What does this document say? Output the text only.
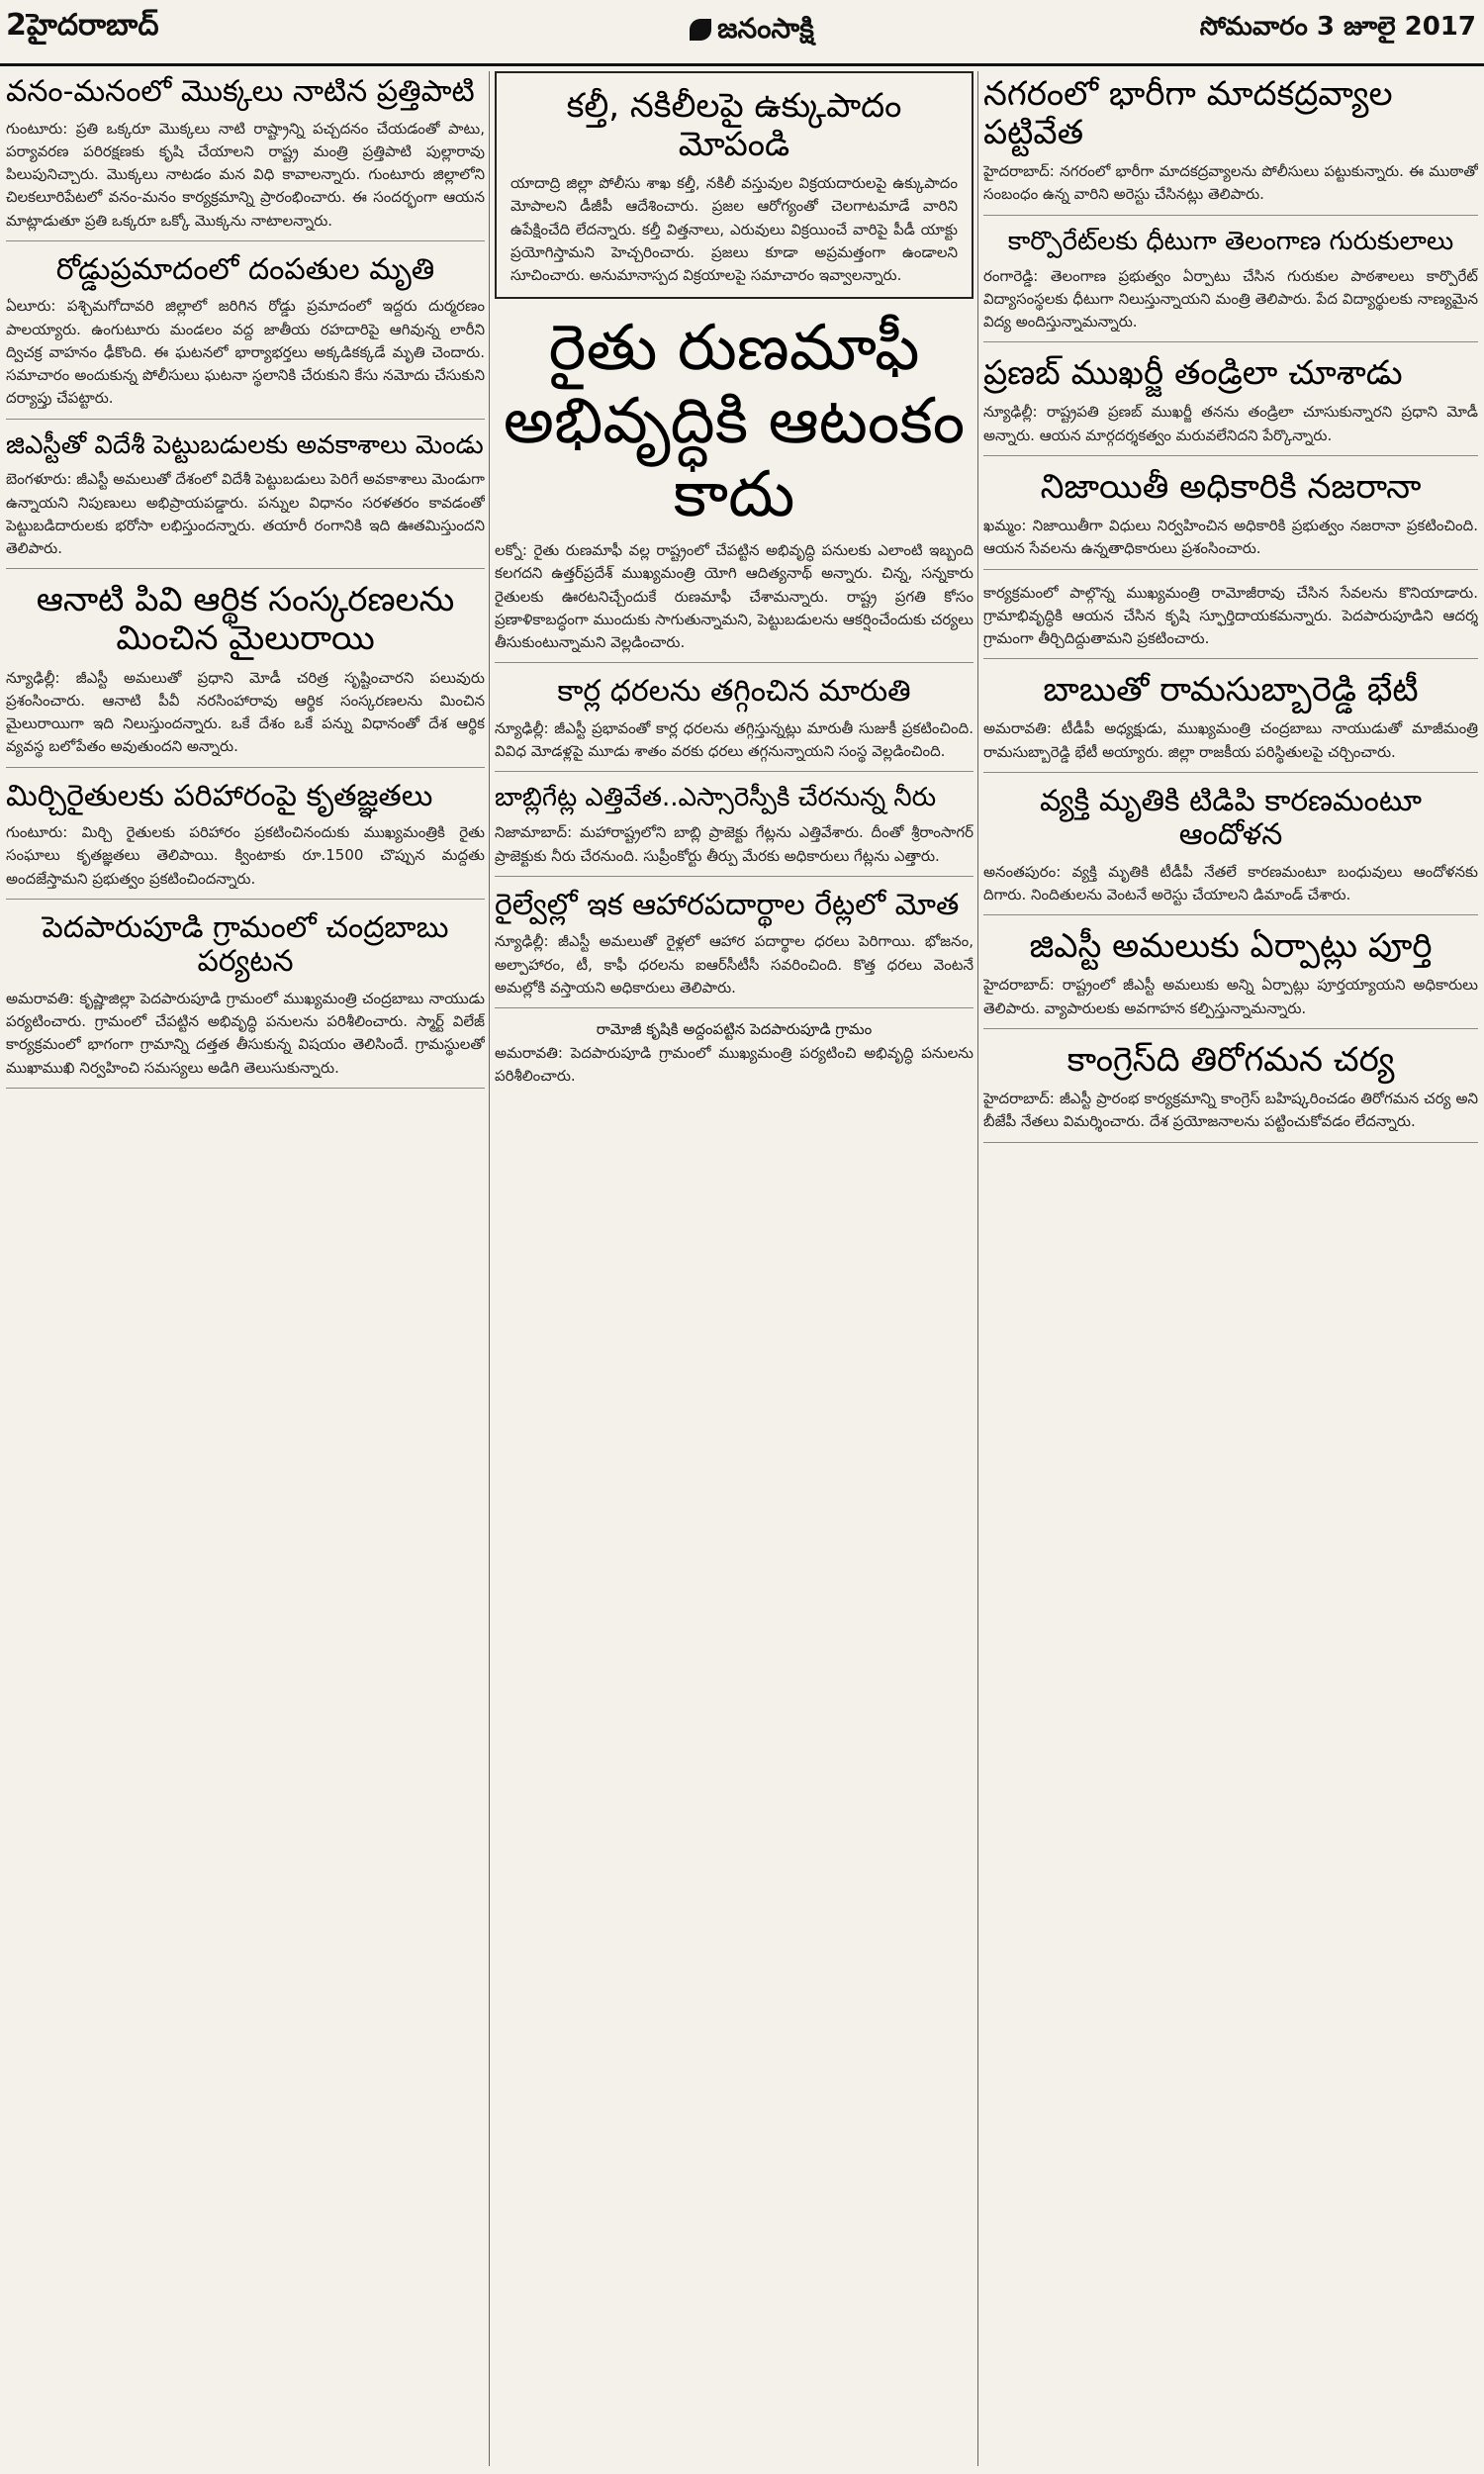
2హైదరాబాద్	జనంసాక్షి	సోమవారం 3 జూలై 2017
వనం-మనంలో మొక్కలు నాటిన ప్రత్తిపాటి

గుంటూరు: ప్రతి ఒక్కరూ మొక్కలు నాటి రాష్ట్రాన్ని పచ్చదనం చేయడంతో పాటు, పర్యావరణ పరిరక్షణకు కృషి చేయాలని రాష్ట్ర మంత్రి ప్రత్తిపాటి పుల్లారావు పిలుపునిచ్చారు. మొక్కలు నాటడం మన విధి కావాలన్నారు. గుంటూరు జిల్లాలోని చిలకలూరిపేటలో వనం-మనం కార్యక్రమాన్ని ప్రారంభించారు. ఈ సందర్భంగా ఆయన మాట్లాడుతూ ప్రతి ఒక్కరూ ఒక్కో మొక్కను నాటాలన్నారు.

రోడ్డుప్రమాదంలో దంపతుల మృతి

ఏలూరు: పశ్చిమగోదావరి జిల్లాలో జరిగిన రోడ్డు ప్రమాదంలో ఇద్దరు దుర్మరణం పాలయ్యారు. ఉంగుటూరు మండలం వద్ద జాతీయ రహదారిపై ఆగివున్న లారీని ద్విచక్ర వాహనం ఢీకొంది. ఈ ఘటనలో భార్యాభర్తలు అక్కడికక్కడే మృతి చెందారు. సమాచారం అందుకున్న పోలీసులు ఘటనా స్థలానికి చేరుకుని కేసు నమోదు చేసుకుని దర్యాప్తు చేపట్టారు.

జిఎస్టీతో విదేశీ పెట్టుబడులకు అవకాశాలు మెండు

బెంగళూరు: జీఎస్టీ అమలుతో దేశంలో విదేశీ పెట్టుబడులు పెరిగే అవకాశాలు మెండుగా ఉన్నాయని నిపుణులు అభిప్రాయపడ్డారు. పన్నుల విధానం సరళతరం కావడంతో పెట్టుబడిదారులకు భరోసా లభిస్తుందన్నారు. తయారీ రంగానికి ఇది ఊతమిస్తుందని తెలిపారు.

ఆనాటి పివి ఆర్థిక సంస్కరణలను మించిన మైలురాయి

న్యూఢిల్లీ: జీఎస్టీ అమలుతో ప్రధాని మోడీ చరిత్ర సృష్టించారని పలువురు ప్రశంసించారు. ఆనాటి పీవీ నరసింహారావు ఆర్థిక సంస్కరణలను మించిన మైలురాయిగా ఇది నిలుస్తుందన్నారు. ఒకే దేశం ఒకే పన్ను విధానంతో దేశ ఆర్థిక వ్యవస్థ బలోపేతం అవుతుందని అన్నారు.

మిర్చిరైతులకు పరిహారంపై కృతజ్ఞతలు

గుంటూరు: మిర్చి రైతులకు పరిహారం ప్రకటించినందుకు ముఖ్యమంత్రికి రైతు సంఘాలు కృతజ్ఞతలు తెలిపాయి. క్వింటాకు రూ.1500 చొప్పున మద్దతు అందజేస్తామని ప్రభుత్వం ప్రకటించిందన్నారు.

పెదపారుపూడి గ్రామంలో చంద్రబాబు పర్యటన

అమరావతి: కృష్ణాజిల్లా పెదపారుపూడి గ్రామంలో ముఖ్యమంత్రి చంద్రబాబు నాయుడు పర్యటించారు. గ్రామంలో చేపట్టిన అభివృద్ధి పనులను పరిశీలించారు. స్మార్ట్ విలేజ్ కార్యక్రమంలో భాగంగా గ్రామాన్ని దత్తత తీసుకున్న విషయం తెలిసిందే. గ్రామస్థులతో ముఖాముఖి నిర్వహించి సమస్యలు అడిగి తెలుసుకున్నారు.

కల్తీ, నకిలీలపై ఉక్కుపాదం మోపండి

యాదాద్రి జిల్లా పోలీసు శాఖ కల్తీ, నకిలీ వస్తువుల విక్రయదారులపై ఉక్కుపాదం మోపాలని డీజీపీ ఆదేశించారు. ప్రజల ఆరోగ్యంతో చెలగాటమాడే వారిని ఉపేక్షించేది లేదన్నారు. కల్తీ విత్తనాలు, ఎరువులు విక్రయించే వారిపై పీడీ యాక్టు ప్రయోగిస్తామని హెచ్చరించారు. ప్రజలు కూడా అప్రమత్తంగా ఉండాలని సూచించారు. అనుమానాస్పద విక్రయాలపై సమాచారం ఇవ్వాలన్నారు.

రైతు రుణమాఫీ అభివృద్ధికి ఆటంకం కాదు

లక్నో: రైతు రుణమాఫీ వల్ల రాష్ట్రంలో చేపట్టిన అభివృద్ధి పనులకు ఎలాంటి ఇబ్బంది కలగదని ఉత్తర్‌ప్రదేశ్ ముఖ్యమంత్రి యోగి ఆదిత్యనాథ్ అన్నారు. చిన్న, సన్నకారు రైతులకు ఊరటనిచ్చేందుకే రుణమాఫీ చేశామన్నారు. రాష్ట్ర ప్రగతి కోసం ప్రణాళికాబద్ధంగా ముందుకు సాగుతున్నామని, పెట్టుబడులను ఆకర్షించేందుకు చర్యలు తీసుకుంటున్నామని వెల్లడించారు.

కార్ల ధరలను తగ్గించిన మారుతి

న్యూఢిల్లీ: జీఎస్టీ ప్రభావంతో కార్ల ధరలను తగ్గిస్తున్నట్లు మారుతీ సుజుకీ ప్రకటించింది. వివిధ మోడళ్లపై మూడు శాతం వరకు ధరలు తగ్గనున్నాయని సంస్థ వెల్లడించింది.

బాబ్లిగేట్ల ఎత్తివేత..ఎస్సారెస్పీకి చేరనున్న నీరు

నిజామాబాద్: మహారాష్ట్రలోని బాబ్లి ప్రాజెక్టు గేట్లను ఎత్తివేశారు. దీంతో శ్రీరాంసాగర్ ప్రాజెక్టుకు నీరు చేరనుంది. సుప్రీంకోర్టు తీర్పు మేరకు అధికారులు గేట్లను ఎత్తారు.

రైల్వేల్లో ఇక ఆహారపదార్థాల రేట్లలో మోత

న్యూఢిల్లీ: జీఎస్టీ అమలుతో రైళ్లలో ఆహార పదార్థాల ధరలు పెరిగాయి. భోజనం, అల్పాహారం, టీ, కాఫీ ధరలను ఐఆర్‌సీటీసీ సవరించింది. కొత్త ధరలు వెంటనే అమల్లోకి వస్తాయని అధికారులు తెలిపారు.

రామోజీ కృషికి అద్దంపట్టిన పెదపారుపూడి గ్రామం

అమరావతి: పెదపారుపూడి గ్రామంలో ముఖ్యమంత్రి పర్యటించి అభివృద్ధి పనులను పరిశీలించారు.

నగరంలో భారీగా మాదకద్రవ్యాల పట్టివేత

హైదరాబాద్: నగరంలో భారీగా మాదకద్రవ్యాలను పోలీసులు పట్టుకున్నారు. ఈ ముఠాతో సంబంధం ఉన్న వారిని అరెస్టు చేసినట్లు తెలిపారు.

కార్పొరేట్‌లకు ధీటుగా తెలంగాణ గురుకులాలు

రంగారెడ్డి: తెలంగాణ ప్రభుత్వం ఏర్పాటు చేసిన గురుకుల పాఠశాలలు కార్పొరేట్ విద్యాసంస్థలకు ధీటుగా నిలుస్తున్నాయని మంత్రి తెలిపారు. పేద విద్యార్థులకు నాణ్యమైన విద్య అందిస్తున్నామన్నారు.

ప్రణబ్ ముఖర్జీ తండ్రిలా చూశాడు

న్యూఢిల్లీ: రాష్ట్రపతి ప్రణబ్ ముఖర్జీ తనను తండ్రిలా చూసుకున్నారని ప్రధాని మోడీ అన్నారు. ఆయన మార్గదర్శకత్వం మరువలేనిదని పేర్కొన్నారు.

నిజాయితీ అధికారికి నజరానా

ఖమ్మం: నిజాయితీగా విధులు నిర్వహించిన అధికారికి ప్రభుత్వం నజరానా ప్రకటించింది. ఆయన సేవలను ఉన్నతాధికారులు ప్రశంసించారు.

కార్యక్రమంలో పాల్గొన్న ముఖ్యమంత్రి రామోజీరావు చేసిన సేవలను కొనియాడారు. గ్రామాభివృద్ధికి ఆయన చేసిన కృషి స్ఫూర్తిదాయకమన్నారు. పెదపారుపూడిని ఆదర్శ గ్రామంగా తీర్చిదిద్దుతామని ప్రకటించారు.

బాబుతో రామసుబ్బారెడ్డి భేటీ

అమరావతి: టీడీపీ అధ్యక్షుడు, ముఖ్యమంత్రి చంద్రబాబు నాయుడుతో మాజీమంత్రి రామసుబ్బారెడ్డి భేటీ అయ్యారు. జిల్లా రాజకీయ పరిస్థితులపై చర్చించారు.

వ్యక్తి మృతికి టిడిపి కారణమంటూ ఆందోళన

అనంతపురం: వ్యక్తి మృతికి టీడీపీ నేతలే కారణమంటూ బంధువులు ఆందోళనకు దిగారు. నిందితులను వెంటనే అరెస్టు చేయాలని డిమాండ్ చేశారు.

జిఎస్టీ అమలుకు ఏర్పాట్లు పూర్తి

హైదరాబాద్: రాష్ట్రంలో జీఎస్టీ అమలుకు అన్ని ఏర్పాట్లు పూర్తయ్యాయని అధికారులు తెలిపారు. వ్యాపారులకు అవగాహన కల్పిస్తున్నామన్నారు.

కాంగ్రెస్‌ది తిరోగమన చర్య

హైదరాబాద్: జీఎస్టీ ప్రారంభ కార్యక్రమాన్ని కాంగ్రెస్ బహిష్కరించడం తిరోగమన చర్య అని బీజేపీ నేతలు విమర్శించారు. దేశ ప్రయోజనాలను పట్టించుకోవడం లేదన్నారు.
